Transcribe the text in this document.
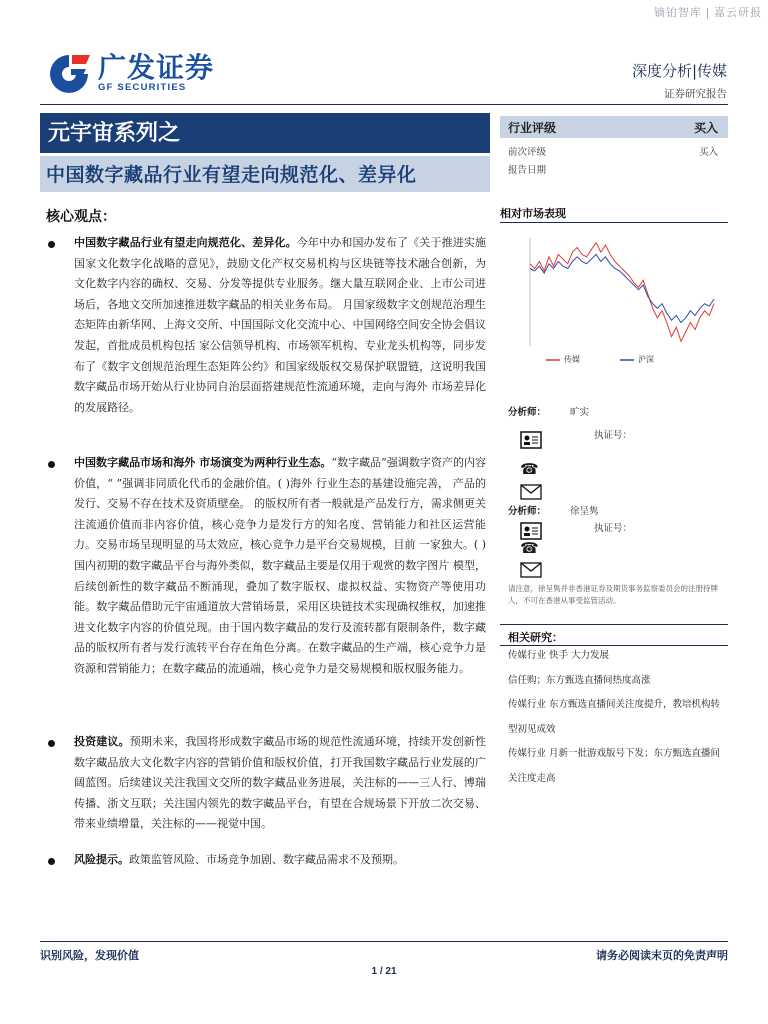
镝铂智库 | 嘉云研报
广发证券
GF SECURITIES
深度分析|传媒
证券研究报告
元宇宙系列之
中国数字藏品行业有望走向规范化、差异化
核心观点：
中国数字藏品行业有望走向规范化、差异化。今年中办和国办发布了《关于推进实施国家文化数字化战略的意见》，鼓励文化产权交易机构与区块链等技术融合创新，为文化数字内容的确权、交易、分发等提供专业服务。继大量互联网企业、上市公司进场后，各地文交所加速推进数字藏品的相关业务布局。 月国家级数字文创规范治理生态矩阵由新华网、上海文交所、中国国际文化交流中心、中国网络空间安全协会倡议发起，首批成员机构包括 家公信领导机构、市场领军机构、专业龙头机构等，同步发布了《数字文创规范治理生态矩阵公约》和国家级版权交易保护联盟链，这说明我国数字藏品市场开始从行业协同自治层面搭建规范性流通环境，走向与海外 市场差异化的发展路径。
中国数字藏品市场和海外 市场演变为两种行业生态。“数字藏品”强调数字资产的内容价值，“ ”强调非同质化代币的金融价值。( )海外 行业生态的基建设施完善， 产品的发行、交易不存在技术及资质壁垒。 的版权所有者一般就是产品发行方，需求侧更关注流通价值而非内容价值，核心竞争力是发行方的知名度、营销能力和社区运营能力。交易市场呈现明显的马太效应，核心竞争力是平台交易规模，目前 一家独大。( )国内初期的数字藏品平台与海外类似，数字藏品主要是仅用于观赏的数字图片 模型，后续创新性的数字藏品不断涌现，叠加了数字版权、虚拟权益、实物资产等使用功能。数字藏品借助元宇宙通道放大营销场景，采用区块链技术实现确权维权，加速推进文化数字内容的价值兑现。由于国内数字藏品的发行及流转都有限制条件，数字藏品的版权所有者与发行流转平台存在角色分离。在数字藏品的生产端，核心竞争力是 资源和营销能力；在数字藏品的流通端，核心竞争力是交易规模和版权服务能力。
投资建议。预期未来，我国将形成数字藏品市场的规范性流通环境，持续开发创新性数字藏品放大文化数字内容的营销价值和版权价值，打开我国数字藏品行业发展的广阔蓝图。后续建议关注我国文交所的数字藏品业务进展，关注标的——三人行、博瑞传播、浙文互联；关注国内领先的数字藏品平台，有望在合规场景下开放二次交易、带来业绩增量，关注标的——视觉中国。
风险提示。政策监管风险、市场竞争加剧、数字藏品需求不及预期。
行业评级	买入
前次评级	买入
报告日期
相对市场表现
传媒	沪深
分析师：	旷实
执证号：
☎
分析师：	徐呈隽
执证号：
☎
请注意，徐呈隽并非香港证券及期货事务监察委员会的注册持牌人，不可在香港从事受监管活动。
相关研究：
传媒行业 快手 大力发展
信任购；东方甄选直播间热度高涨
传媒行业 东方甄选直播间关注度提升，教培机构转型初见成效
传媒行业 月新一批游戏版号下发；东方甄选直播间关注度走高
识别风险，发现价值	请务必阅读末页的免责声明
1 / 21
